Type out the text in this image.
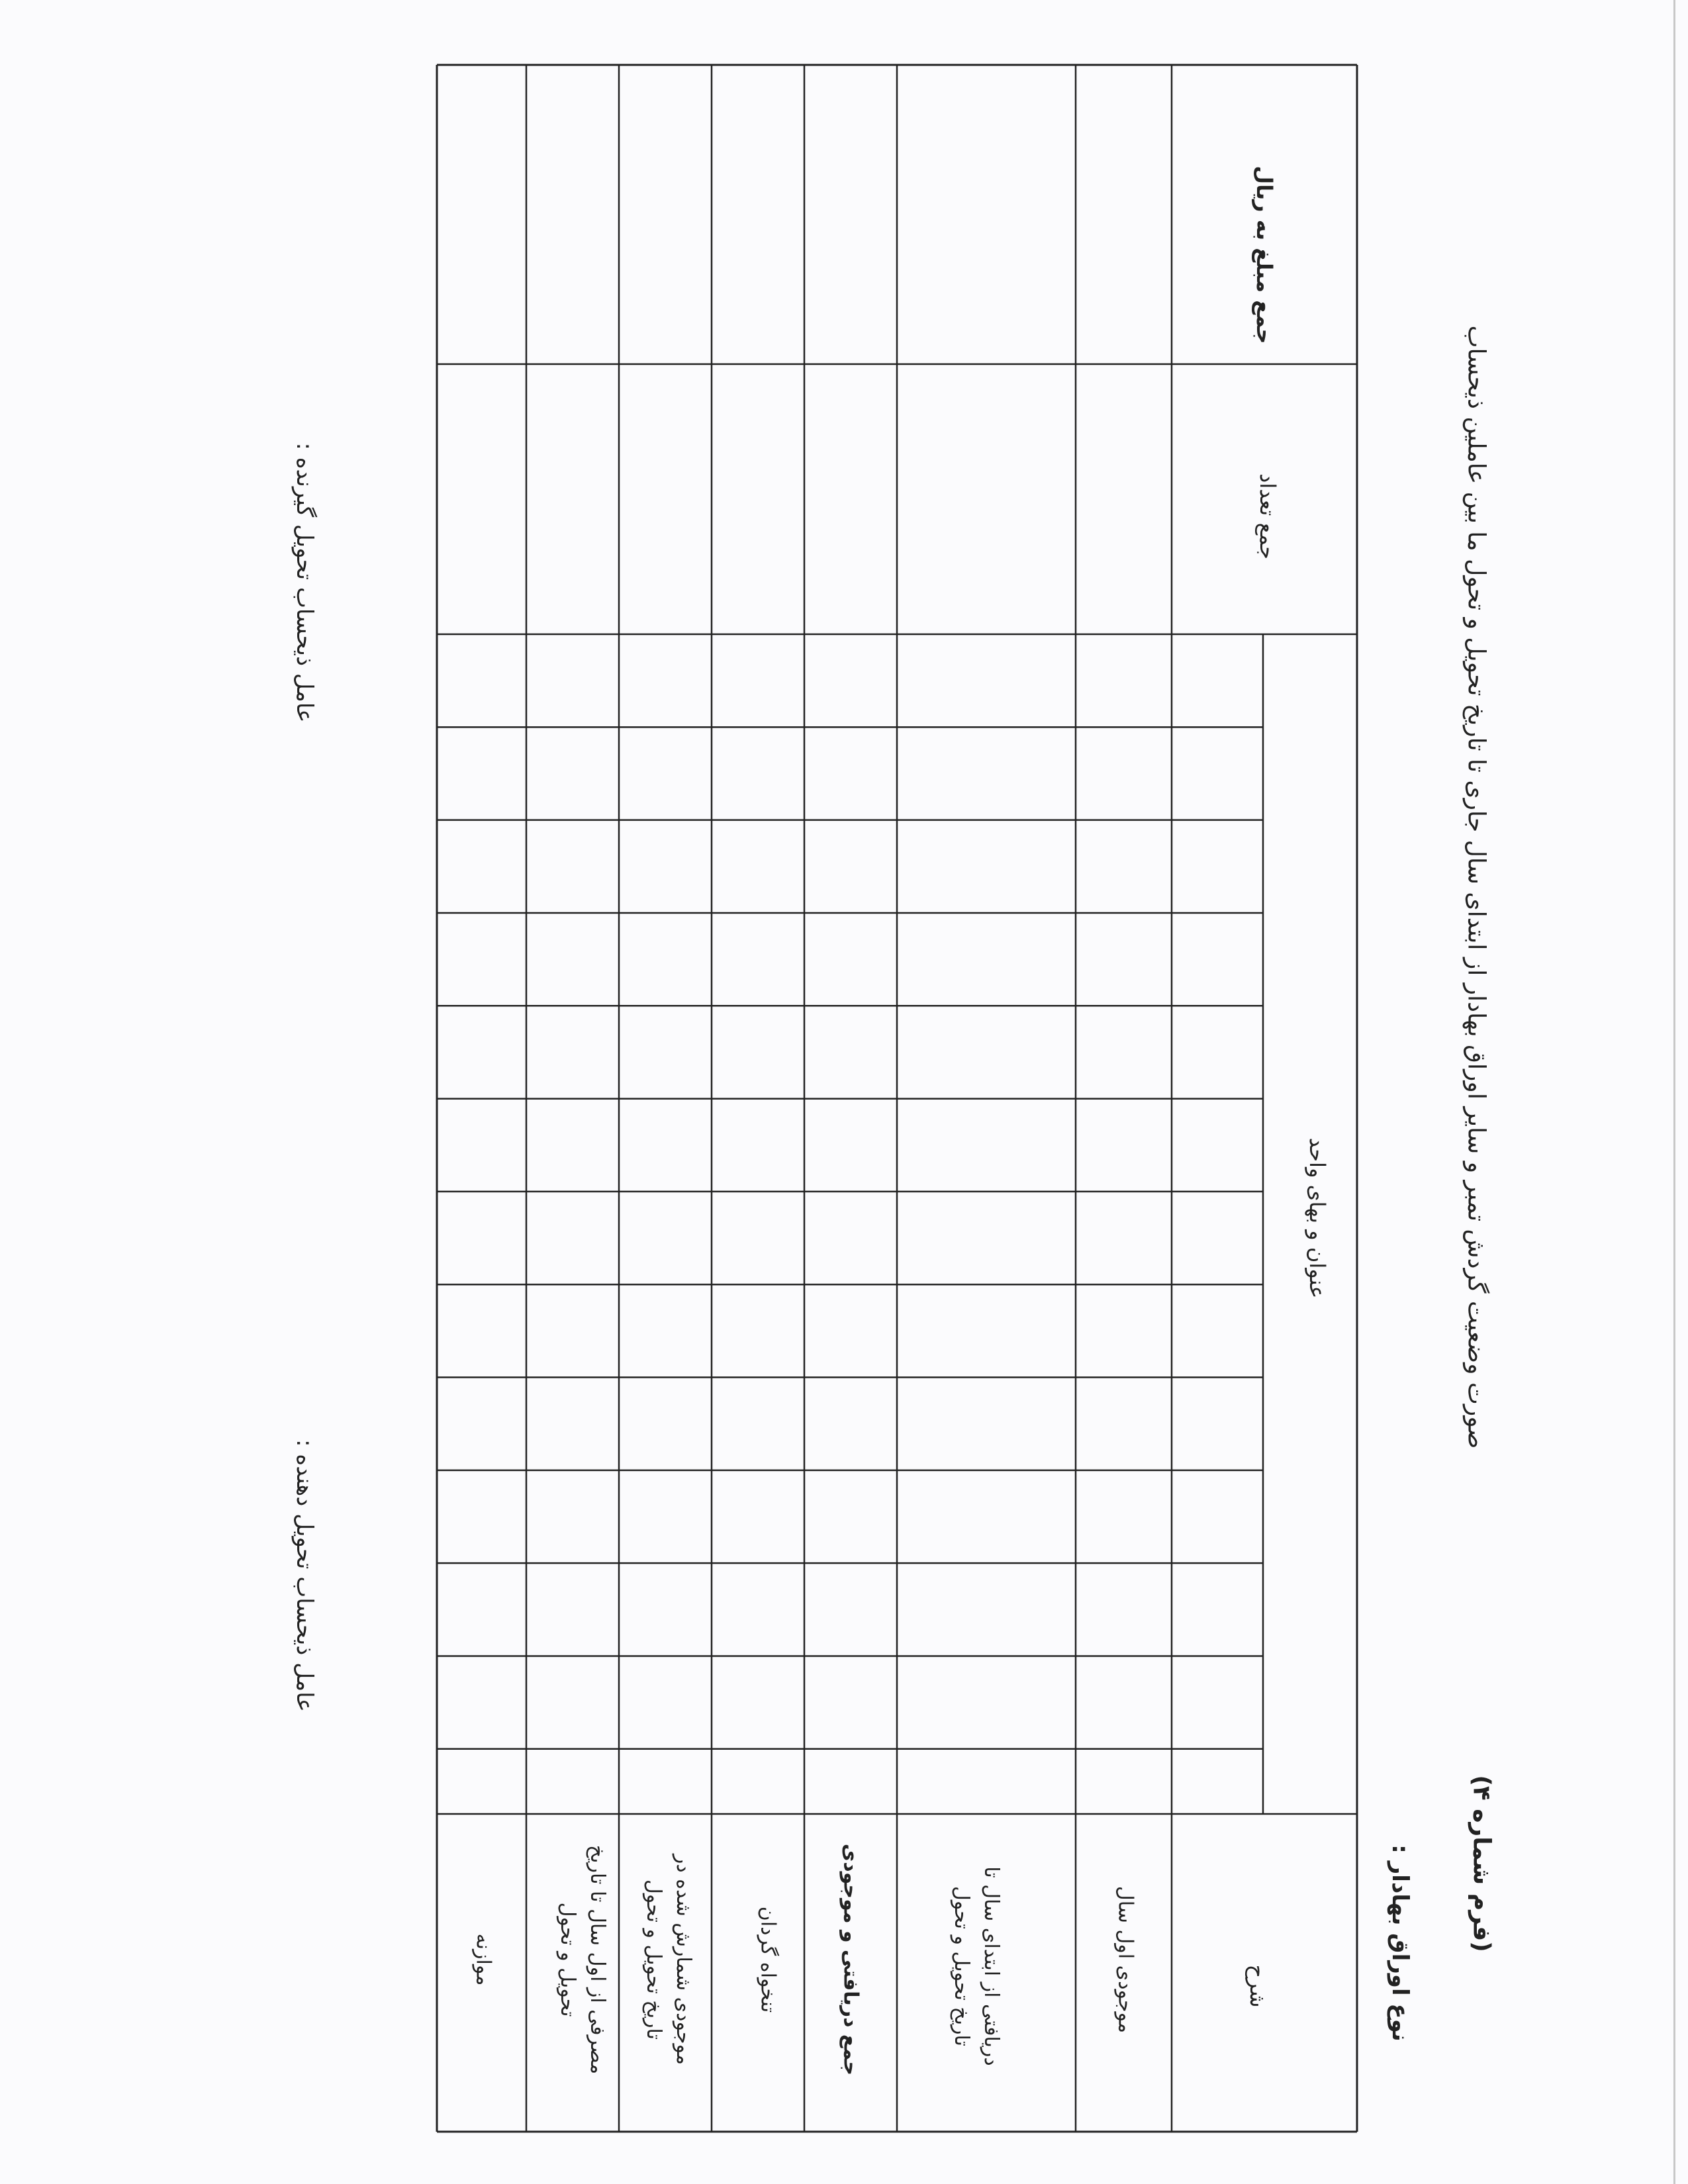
صورت وضعیت گردش تمبر و سایر اوراق بهادار از ابتدای سال جاری تا تاریخ تحویل و تحول ما بین عاملین ذیحساب
(فرم شماره ۴)
نوع اوراق بهادار :
شرح
عنوان و بهای واحد
جمع تعداد
جمع مبلغ به ریال
موجودی اول سال
دریافتی از ابتدای سال تا تاریخ تحویل و تحول
جمع دریافتی و موجودی
تنخواه گردان
موجودی شمارش شده در تاریخ تحویل و تحول
مصرفی از اول سال تا تاریخ تحویل و تحول
موازنه
عامل ذیحساب تحویل گیرنده :
عامل ذیحساب تحویل دهنده :
